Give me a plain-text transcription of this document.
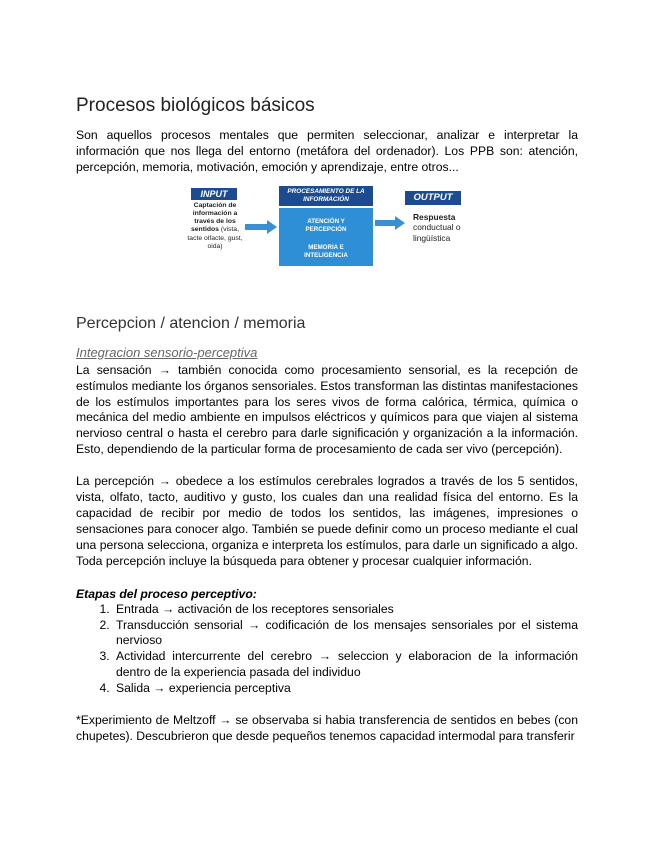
Procesos biológicos básicos

Son aquellos procesos mentales que permiten seleccionar, analizar e interpretar la información que nos llega del entorno (metáfora del ordenador). Los PPB son: atención, percepción, memoria, motivación, emoción y aprendizaje, entre otros...

INPUT
Captación de información a través de los sentidos (vista, tacte olfacte, gust, oida)
PROCESAMIENTO DE LA INFORMACIÓN
ATENCIÓN Y
PERCEPCIÓN
MEMORIA E
INTELIGENCIA
OUTPUT
Respuesta
conductual o lingüística
Percepcion / atencion / memoria
Integracion sensorio-perceptiva

La sensación → también conocida como procesamiento sensorial, es la recepción de estímulos mediante los órganos sensoriales. Estos transforman las distintas manifestaciones de los estímulos importantes para los seres vivos de forma calórica, térmica, química o mecánica del medio ambiente en impulsos eléctricos y químicos para que viajen al sistema nervioso central o hasta el cerebro para darle significación y organización a la información. Esto, dependiendo de la particular forma de procesamiento de cada ser vivo (percepción).

La percepción → obedece a los estímulos cerebrales logrados a través de los 5 sentidos, vista, olfato, tacto, auditivo y gusto, los cuales dan una realidad física del entorno. Es la capacidad de recibir por medio de todos los sentidos, las imágenes, impresiones o sensaciones para conocer algo. También se puede definir como un proceso mediante el cual una persona selecciona, organiza e interpreta los estímulos, para darle un significado a algo. Toda percepción incluye la búsqueda para obtener y procesar cualquier información.

Etapas del proceso perceptivo:
1. Entrada → activación de los receptores sensoriales
2. Transducción sensorial → codificación de los mensajes sensoriales por el sistema nervioso
3. Actividad intercurrente del cerebro → seleccion y elaboracion de la información dentro de la experiencia pasada del individuo
4. Salida → experiencia perceptiva

*Experimiento de Meltzoff → se observaba si habia transferencia de sentidos en bebes (con chupetes). Descubrieron que desde pequeños tenemos capacidad intermodal para transferir
